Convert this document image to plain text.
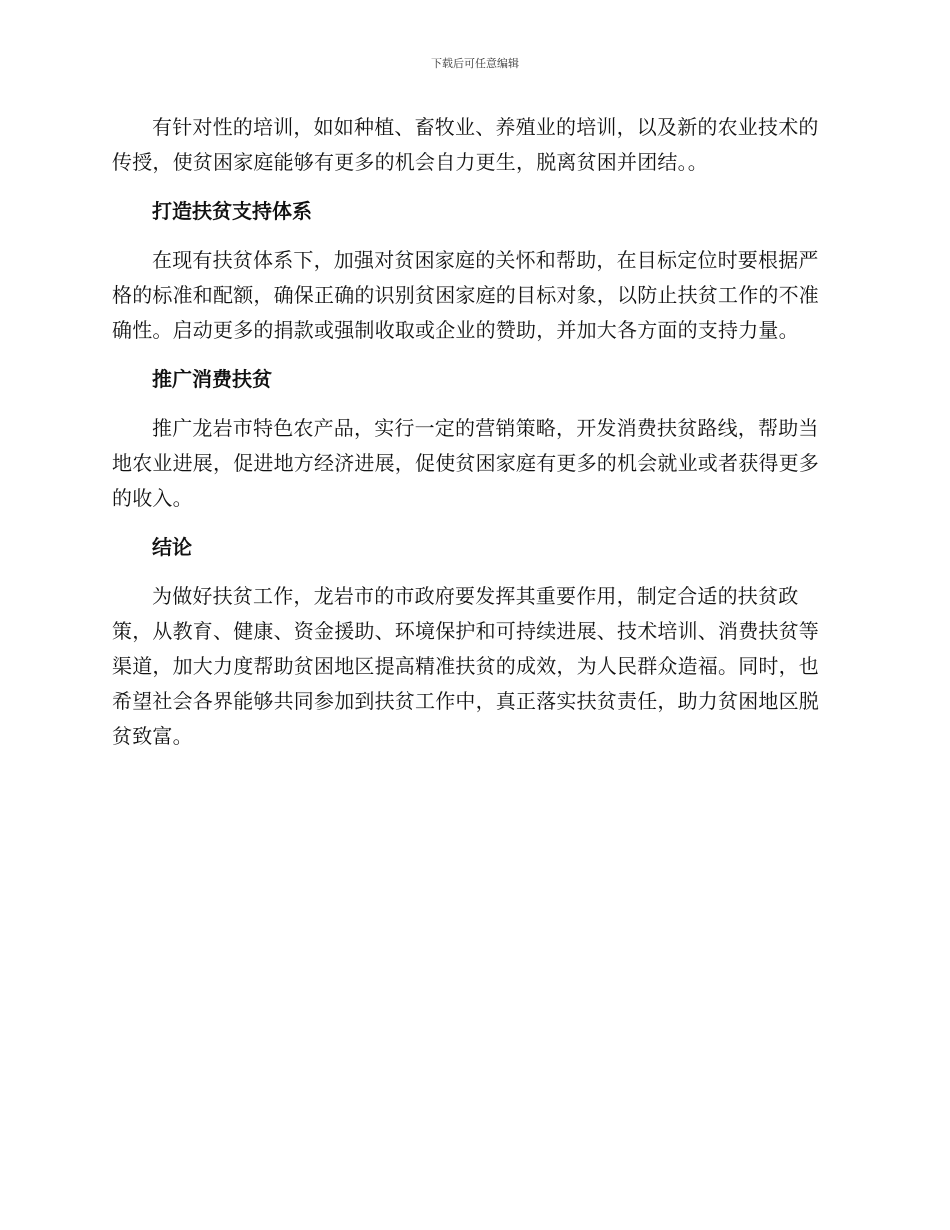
下载后可任意编辑

有针对性的培训，如如种植、畜牧业、养殖业的培训，以及新的农业技术的传授，使贫困家庭能够有更多的机会自力更生，脱离贫困并团结。。

打造扶贫支持体系

在现有扶贫体系下，加强对贫困家庭的关怀和帮助，在目标定位时要根据严格的标准和配额，确保正确的识别贫困家庭的目标对象，以防止扶贫工作的不准确性。启动更多的捐款或强制收取或企业的赞助，并加大各方面的支持力量。

推广消费扶贫

推广龙岩市特色农产品，实行一定的营销策略，开发消费扶贫路线，帮助当地农业进展，促进地方经济进展，促使贫困家庭有更多的机会就业或者获得更多的收入。

结论

为做好扶贫工作，龙岩市的市政府要发挥其重要作用，制定合适的扶贫政策，从教育、健康、资金援助、环境保护和可持续进展、技术培训、消费扶贫等渠道，加大力度帮助贫困地区提高精准扶贫的成效，为人民群众造福。同时，也希望社会各界能够共同参加到扶贫工作中，真正落实扶贫责任，助力贫困地区脱贫致富。
